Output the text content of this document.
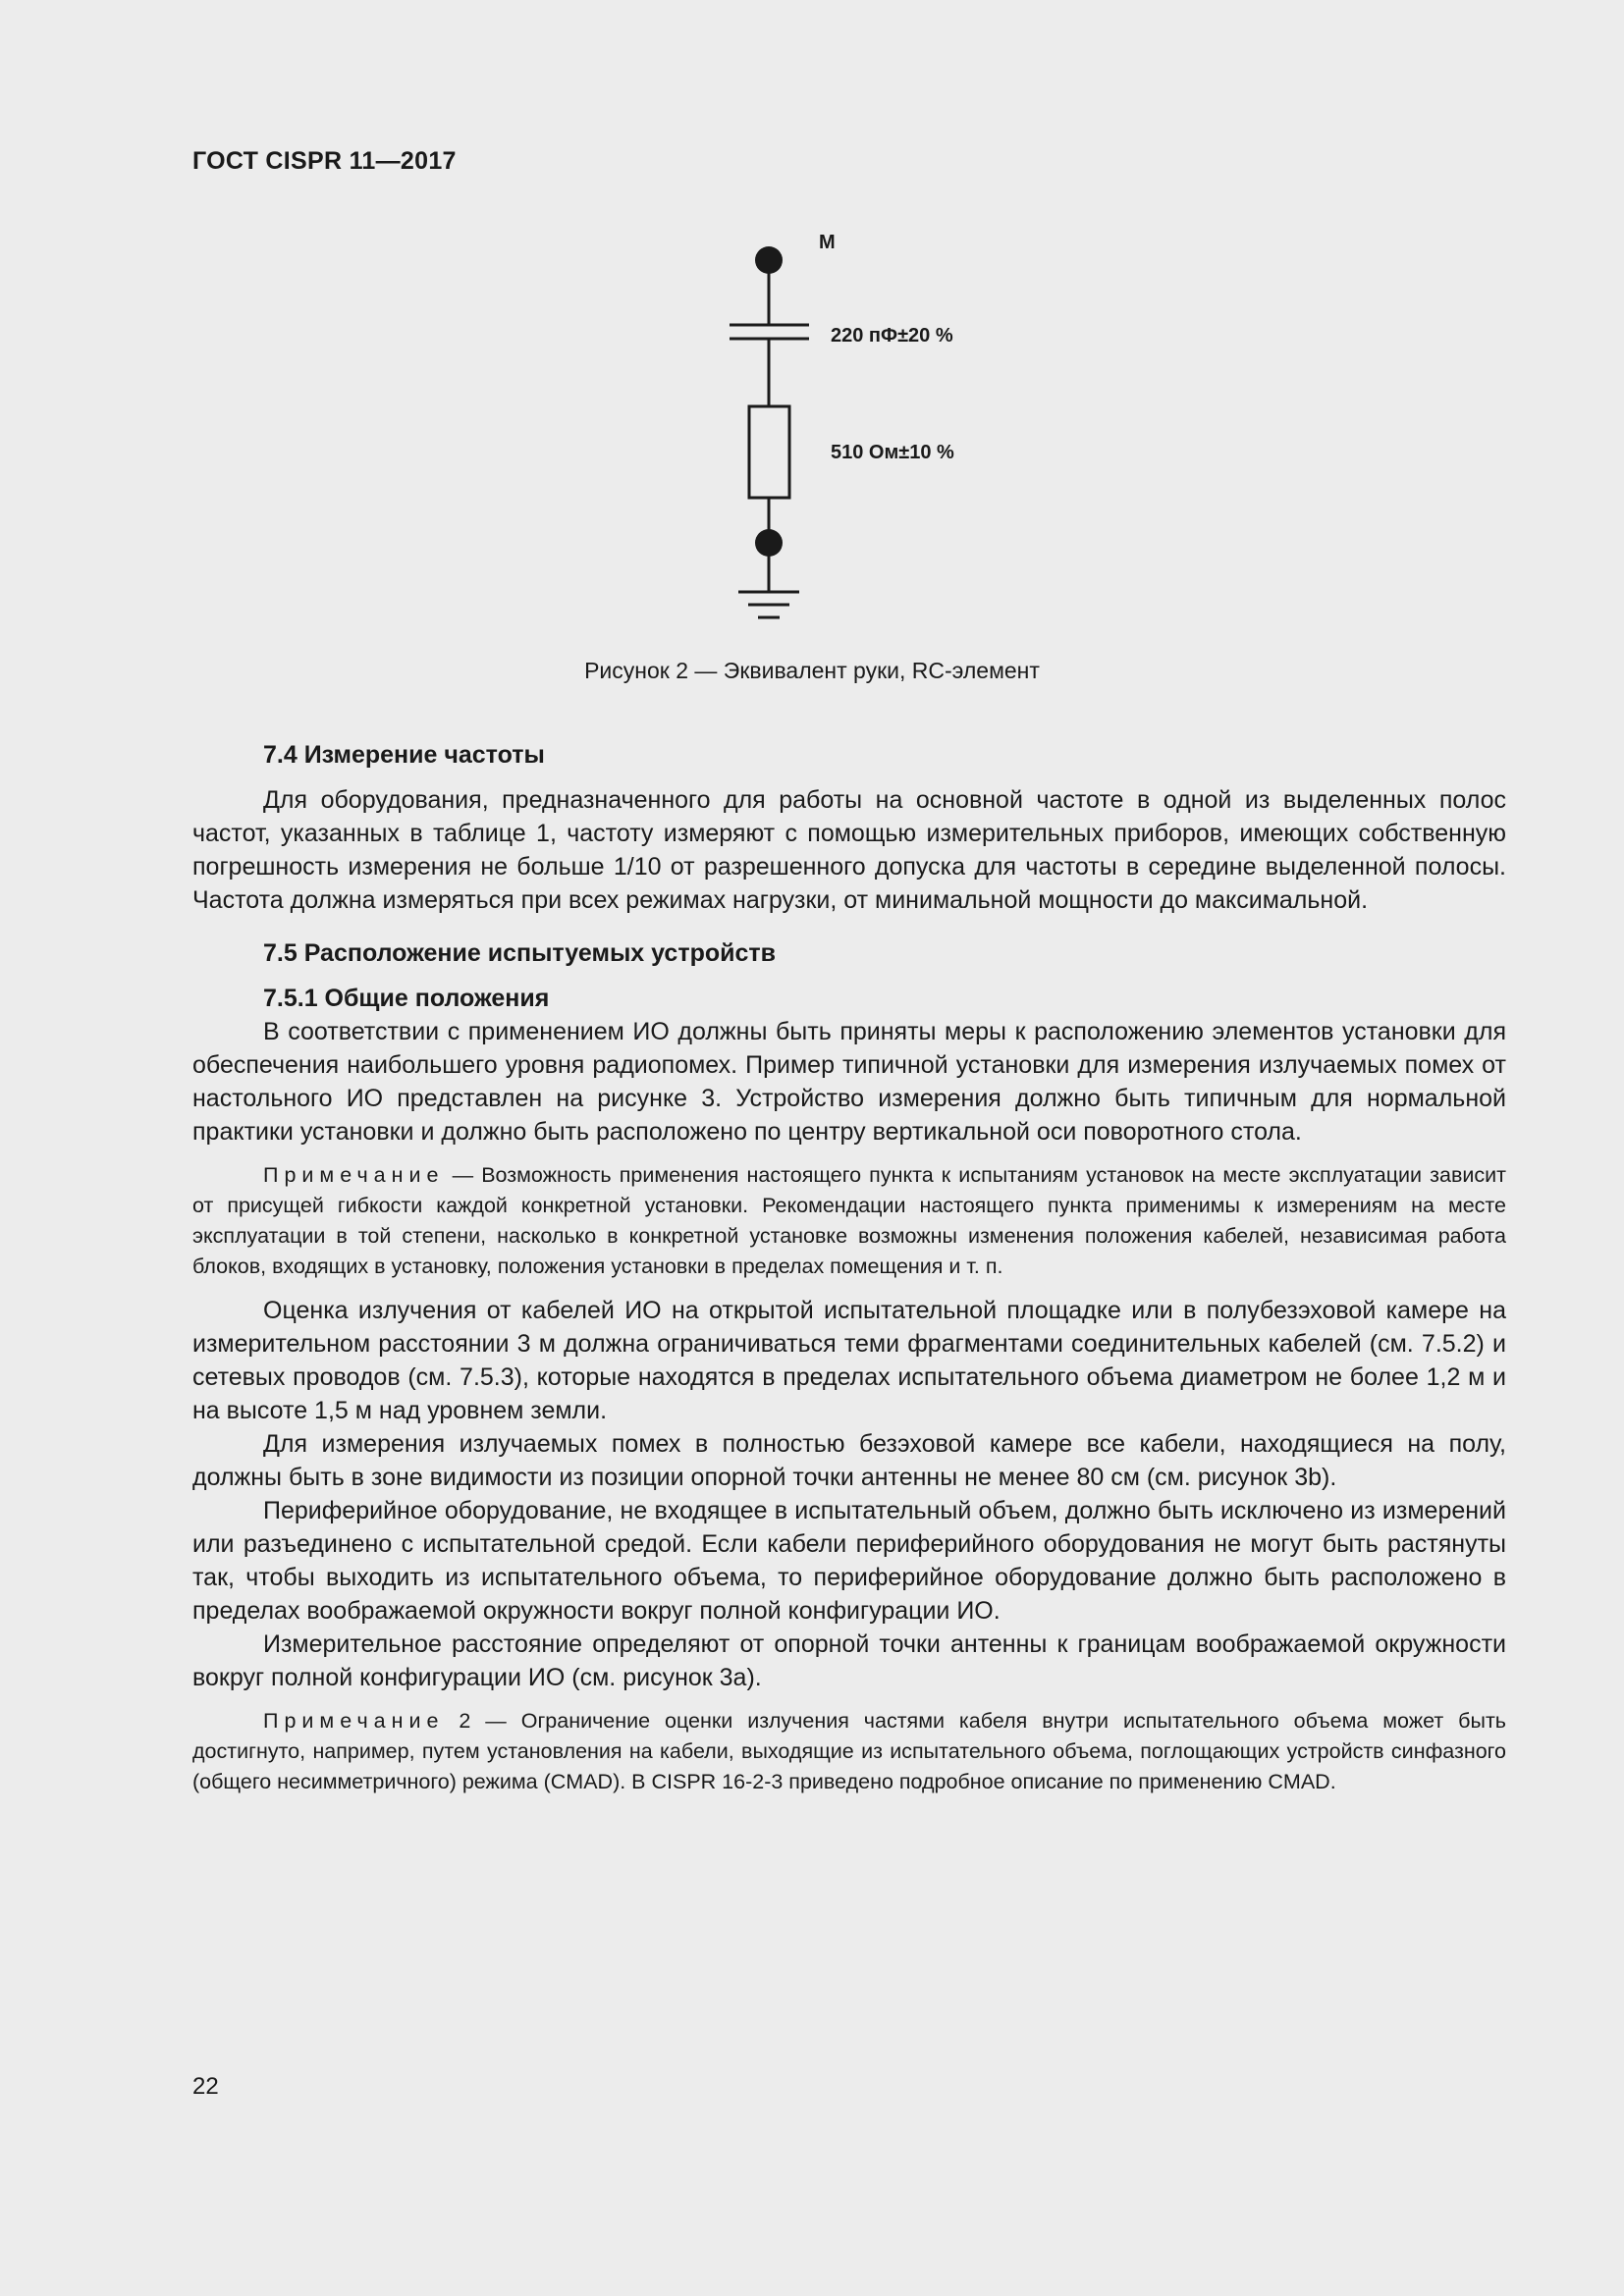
ГОСТ CISPR 11—2017
M
220 пФ±20 %
510 Ом±10 %
Рисунок 2 — Эквивалент руки, RC-элемент

7.4 Измерение частоты

Для оборудования, предназначенного для работы на основной частоте в одной из выделенных полос частот, указанных в таблице 1, частоту измеряют с помощью измерительных приборов, имеющих собственную погрешность измерения не больше 1/10 от разрешенного допуска для частоты в середине выделенной полосы. Частота должна измеряться при всех режимах нагрузки, от минимальной мощности до максимальной.

7.5 Расположение испытуемых устройств

7.5.1 Общие положения

В соответствии с применением ИО должны быть приняты меры к расположению элементов установки для обеспечения наибольшего уровня радиопомех. Пример типичной установки для измерения излучаемых помех от настольного ИО представлен на рисунке 3. Устройство измерения должно быть типичным для нормальной практики установки и должно быть расположено по центру вертикальной оси поворотного стола.

Примечание — Возможность применения настоящего пункта к испытаниям установок на месте эксплуатации зависит от присущей гибкости каждой конкретной установки. Рекомендации настоящего пункта применимы к измерениям на месте эксплуатации в той степени, насколько в конкретной установке возможны изменения положения кабелей, независимая работа блоков, входящих в установку, положения установки в пределах помещения и т. п.

Оценка излучения от кабелей ИО на открытой испытательной площадке или в полубезэховой камере на измерительном расстоянии 3 м должна ограничиваться теми фрагментами соединительных кабелей (см. 7.5.2) и сетевых проводов (см. 7.5.3), которые находятся в пределах испытательного объема диаметром не более 1,2 м и на высоте 1,5 м над уровнем земли.

Для измерения излучаемых помех в полностью безэховой камере все кабели, находящиеся на полу, должны быть в зоне видимости из позиции опорной точки антенны не менее 80 см (см. рисунок 3b).

Периферийное оборудование, не входящее в испытательный объем, должно быть исключено из измерений или разъединено с испытательной средой. Если кабели периферийного оборудования не могут быть растянуты так, чтобы выходить из испытательного объема, то периферийное оборудование должно быть расположено в пределах воображаемой окружности вокруг полной конфигурации ИО.

Измерительное расстояние определяют от опорной точки антенны к границам воображаемой окружности вокруг полной конфигурации ИО (см. рисунок 3а).

Примечание 2 — Ограничение оценки излучения частями кабеля внутри испытательного объема может быть достигнуто, например, путем установления на кабели, выходящие из испытательного объема, поглощающих устройств синфазного (общего несимметричного) режима (CMAD). В CISPR 16-2-3 приведено подробное описание по применению CMAD.

22
